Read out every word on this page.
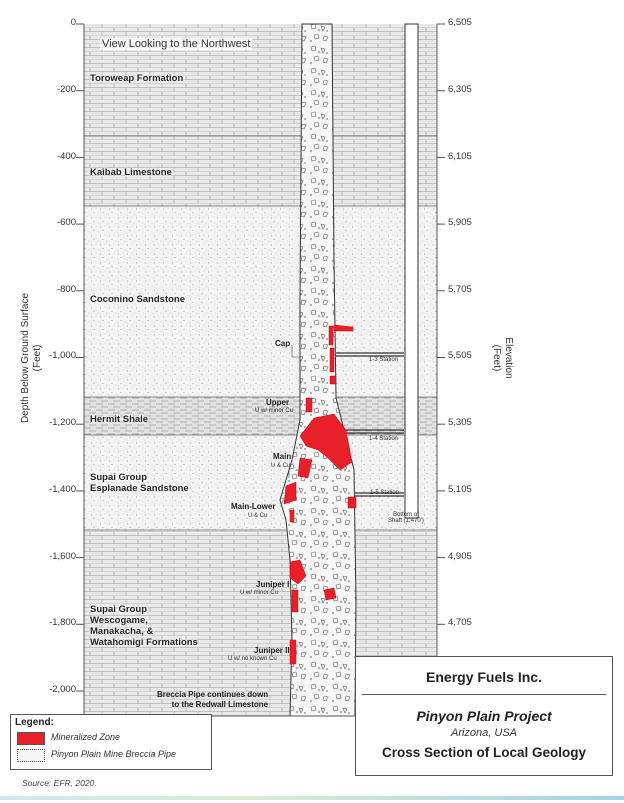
0
-200
-400
-600
-800
-1,000
-1,200
-1,400
-1,600
-1,800
-2,000
6,505
6,305
6,105
5,905
5,705
5,505
5,305
5,105
4,905
4,705
Depth Below Ground Surface (Feet)	Elevation
(Feet)
View Looking to the Northwest
Toroweap Formation
Kaibab Limestone
Coconino Sandstone
Hermit Shale
Supai Group
Esplanade Sandstone
Supai Group
Wescogame,
Manakacha, &
Watahomigi Formations
Cap
Upper
U w/ minor Cu
Main
U & Cu
Main-Lower
U & Cu
Juniper I
U w/ minor Cu
Juniper II
U w/ no known Cu
1-3 Station
1-4 Station
1-5 Station
Bottom of
Shaft (1,470')
Breccia Pipe continues down
to the Redwall Limestone
Energy Fuels Inc.
Pinyon Plain Project
Arizona, USA
Cross Section of Local Geology
Legend:
Mineralized Zone
Pinyon Plain Mine Breccia Pipe
Source: EFR, 2020.
